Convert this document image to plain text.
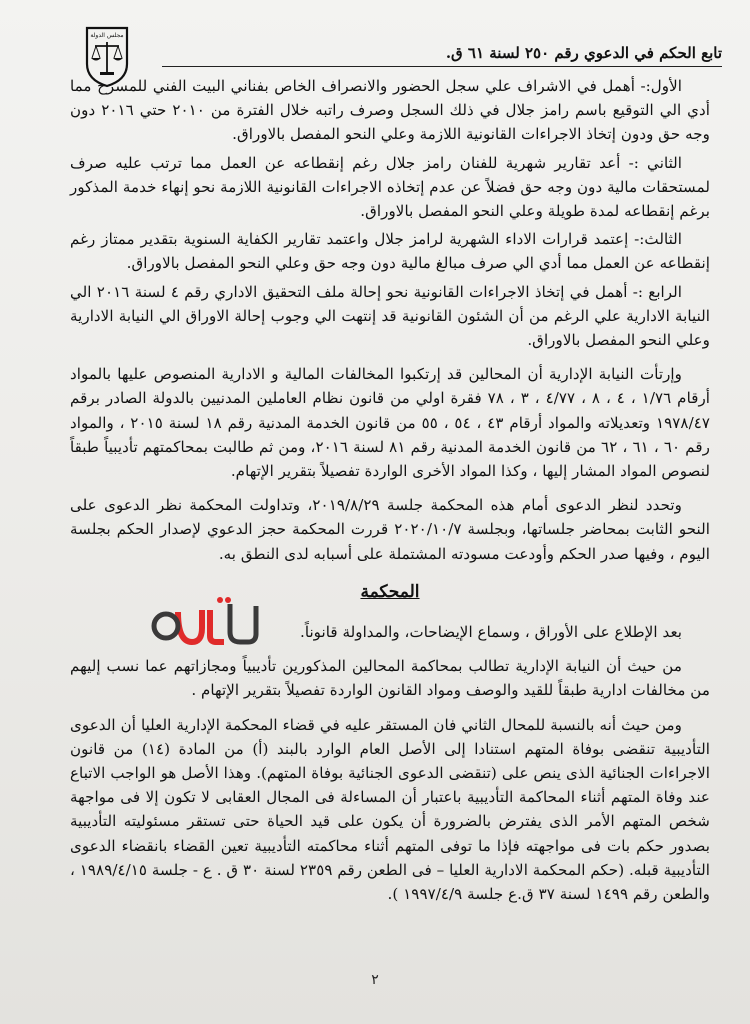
مجلس الدولة
تابع الحكم في الدعوي رقم ٢٥٠ لسنة ٦١ ق.

الأول:- أهمل في الاشراف علي سجل الحضور والانصراف الخاص بفناني البيت الفني للمسرح مما أدي الي التوقيع باسم رامز جلال في ذلك السجل وصرف راتبه خلال الفترة من ٢٠١٠ حتي ٢٠١٦ دون وجه حق ودون إتخاذ الاجراءات القانونية اللازمة وعلي النحو المفصل بالاوراق.

الثاني :- أعد تقارير شهرية للفنان رامز جلال رغم إنقطاعه عن العمل مما ترتب عليه صرف لمستحقات مالية دون وجه حق فضلاً عن عدم إتخاذه الاجراءات القانونية اللازمة نحو إنهاء خدمة المذكور برغم إنقطاعه لمدة طويلة وعلي النحو المفصل بالاوراق.

الثالث:- إعتمد قرارات الاداء الشهرية لرامز جلال واعتمد تقارير الكفاية السنوية بتقدير ممتاز رغم إنقطاعه عن العمل مما أدي الي صرف مبالغ مالية دون وجه حق وعلي النحو المفصل بالاوراق.

الرابع :- أهمل في إتخاذ الاجراءات القانونية نحو إحالة ملف التحقيق الاداري رقم ٤ لسنة ٢٠١٦ الي النيابة الادارية علي الرغم من أن الشئون القانونية قد إنتهت الي وجوب إحالة الاوراق الي النيابة الادارية وعلي النحو المفصل بالاوراق.

وإرتأت النيابة الإدارية أن المحالين قد إرتكبوا المخالفات المالية و الادارية المنصوص عليها بالمواد أرقام ١/٧٦ ، ٤ ، ٨ ، ٤/٧٧ ، ٣ ، ٧٨ فقرة اولي من قانون نظام العاملين المدنيين بالدولة الصادر برقم ١٩٧٨/٤٧ وتعديلاته والمواد أرقام ٤٣ ، ٥٤ ، ٥٥ من قانون الخدمة المدنية رقم ١٨ لسنة ٢٠١٥ ، والمواد رقم ٦٠ ، ٦١ ، ٦٢ من قانون الخدمة المدنية رقم ٨١ لسنة ٢٠١٦، ومن ثم طالبت بمحاكمتهم تأديبياً طبقاً لنصوص المواد المشار إليها ، وكذا المواد الأخرى الواردة تفصيلاً بتقرير الإتهام.

وتحدد لنظر الدعوى أمام هذه المحكمة جلسة ٢٠١٩/٨/٢٩، وتداولت المحكمة نظر الدعوى على النحو الثابت بمحاضر جلساتها، وبجلسة ٢٠٢٠/١٠/٧ قررت المحكمة حجز الدعوي لإصدار الحكم بجلسة اليوم ، وفيها صدر الحكم وأودعت مسودته المشتملة على أسبابه لدى النطق به.

المحكمة

بعد الإطلاع على الأوراق ، وسماع الإيضاحات، والمداولة قانوناً.

من حيث أن النيابة الإدارية تطالب بمحاكمة المحالين المذكورين تأديبياً ومجازاتهم عما نسب إليهم من مخالفات ادارية طبقاً للقيد والوصف ومواد القانون الواردة تفصيلاً بتقرير الإتهام .

ومن حيث أنه بالنسبة للمحال الثاني فان المستقر عليه في قضاء المحكمة الإدارية العليا أن الدعوى التأديبية تنقضى بوفاة المتهم استنادا إلى الأصل العام الوارد بالبند (أ) من المادة (١٤) من قانون الاجراءات الجنائية الذى ينص على (تنقضى الدعوى الجنائية بوفاة المتهم). وهذا الأصل هو الواجب الاتباع عند وفاة المتهم أثناء المحاكمة التأديبية باعتبار أن المساءلة فى المجال العقابى لا تكون إلا فى مواجهة شخص المتهم الأمر الذى يفترض بالضرورة أن يكون على قيد الحياة حتى تستقر مسئوليته التأديبية بصدور حكم بات فى مواجهته فإذا ما توفى المتهم أثناء محاكمته التأديبية تعين القضاء بانقضاء الدعوى التأديبية قبله. (حكم المحكمة الادارية العليا – فى الطعن رقم ٢٣٥٩ لسنة ٣٠ ق . ع - جلسة ١٩٨٩/٤/١٥ ، والطعن رقم ١٤٩٩ لسنة ٣٧ ق.ع جلسة ١٩٩٧/٤/٩ ).

٢
